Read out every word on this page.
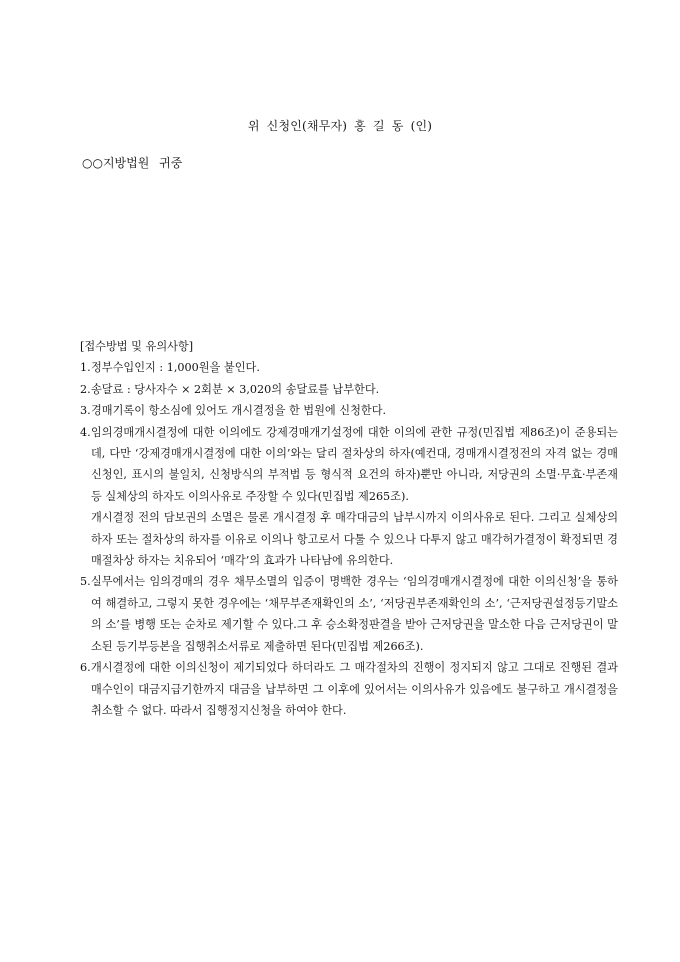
위 신청인(채무자) 홍 길 동 (인)
○○지방법원 귀중

[접수방법 및 유의사항]

1. 정부수입인지 : 1,000원을 붙인다.
2. 송달료 : 당사자수 × 2회분 × 3,020의 송달료를 납부한다.
3. 경매기록이 항소심에 있어도 개시결정을 한 법원에 신청한다.
4. 임의경매개시결정에 대한 이의에도 강제경매개기설정에 대한 이의에 관한 규정(민집법 제86조)이 준용되는데, 다만 ‘강제경매개시결정에 대한 이의’와는 달리 절차상의 하자(예컨대, 경매개시결정전의 자격 없는 경매신청인, 표시의 불일치, 신청방식의 부적법 등 형식적 요건의 하자)뿐만 아니라, 저당권의 소멸·무효·부존재 등 실체상의 하자도 이의사유로 주장할 수 있다(민집법 제265조).
개시결정 전의 담보권의 소멸은 물론 개시결정 후 매각대금의 납부시까지 이의사유로 된다. 그리고 실체상의 하자 또는 절차상의 하자를 이유로 이의나 항고로서 다툴 수 있으나 다투지 않고 매각허가결정이 확정되면 경매절차상 하자는 치유되어 ‘매각’의 효과가 나타남에 유의한다.
5. 실무에서는 임의경매의 경우 채무소멸의 입증이 명백한 경우는 ‘임의경매개시결정에 대한 이의신청’을 통하여 해결하고, 그렇지 못한 경우에는 ‘채무부존재확인의 소’, ‘저당권부존재확인의 소’, ‘근저당권설정등기말소의 소’를 병행 또는 순차로 제기할 수 있다.그 후 승소확정판결을 받아 근저당권을 말소한 다음 근저당권이 말소된 등기부등본을 집행취소서류로 제출하면 된다(민집법 제266조).
6. 개시결정에 대한 이의신청이 제기되었다 하더라도 그 매각절차의 진행이 정지되지 않고 그대로 진행된 결과 매수인이 대금지급기한까지 대금을 납부하면 그 이후에 있어서는 이의사유가 있음에도 불구하고 개시결정을 취소할 수 없다. 따라서 집행정지신청을 하여야 한다.
